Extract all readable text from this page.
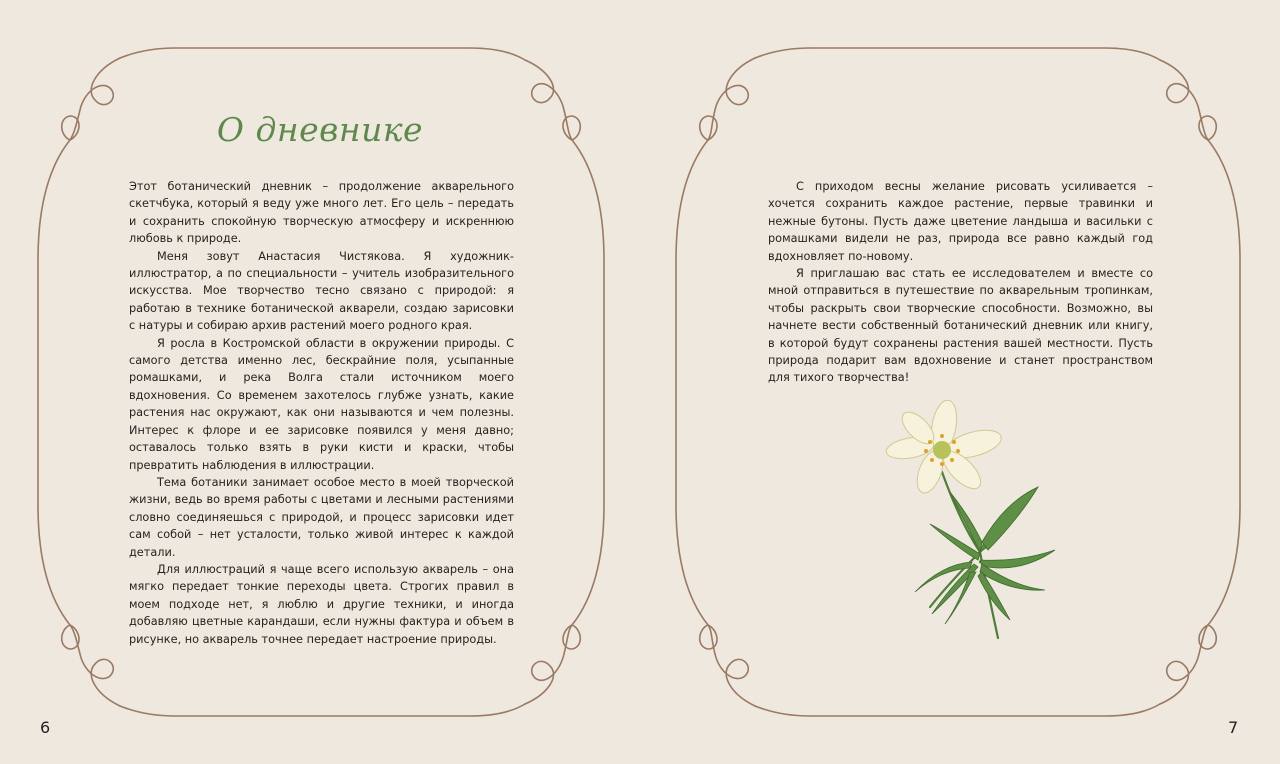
О дневнике

Этот ботанический дневник – продолжение акварельного скетчбука, который я веду уже много лет. Его цель – передать и сохранить спокойную творческую атмосферу и искреннюю любовь к природе.

Меня зовут Анастасия Чистякова. Я художник-иллюстратор, а по специальности – учитель изобразительного искусства. Мое творчество тесно связано с природой: я работаю в технике ботанической акварели, создаю зарисовки с натуры и собираю архив растений моего родного края.

Я росла в Костромской области в окружении природы. С самого детства именно лес, бескрайние поля, усыпанные ромашками, и река Волга стали источником моего вдохновения. Со временем захотелось глубже узнать, какие растения нас окружают, как они называются и чем полезны. Интерес к флоре и ее зарисовке появился у меня давно; оставалось только взять в руки кисти и краски, чтобы превратить наблюдения в иллюстрации.

Тема ботаники занимает особое место в моей творческой жизни, ведь во время работы с цветами и лесными растениями словно соединяешься с природой, и процесс зарисовки идет сам собой – нет усталости, только живой интерес к каждой детали.

Для иллюстраций я чаще всего использую акварель – она мягко передает тонкие переходы цвета. Строгих правил в моем подходе нет, я люблю и другие техники, и иногда добавляю цветные карандаши, если нужны фактура и объем в рисунке, но акварель точнее передает настроение природы.

6

С приходом весны желание рисовать усиливается – хочется сохранить каждое растение, первые травинки и нежные бутоны. Пусть даже цветение ландыша и васильки с ромашками видели не раз, природа все равно каждый год вдохновляет по-новому.

Я приглашаю вас стать ее исследователем и вместе со мной отправиться в путешествие по акварельным тропинкам, чтобы раскрыть свои творческие способности. Возможно, вы начнете вести собственный ботанический дневник или книгу, в которой будут сохранены растения вашей местности. Пусть природа подарит вам вдохновение и станет пространством для тихого творчества!

7
